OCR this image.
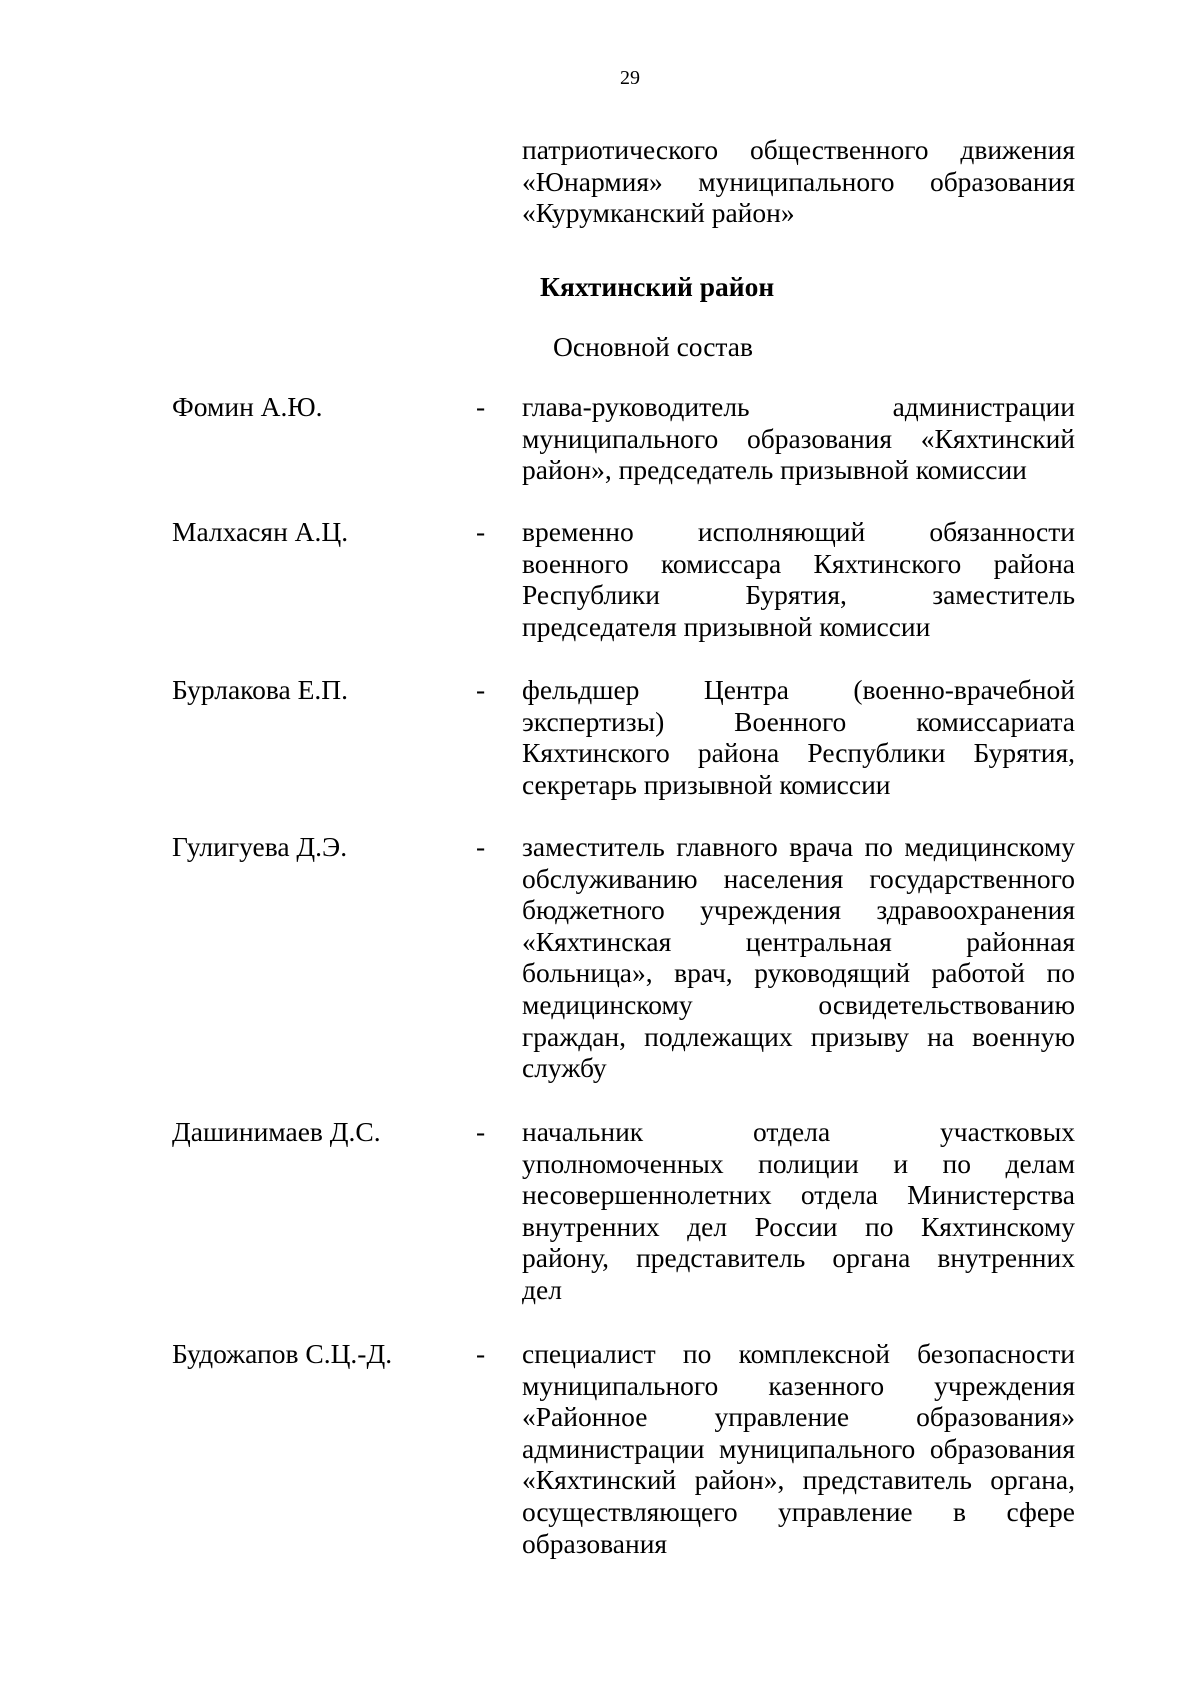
29
патриотического общественного движения
«Юнармия» муниципального образования
«Курумканский район»
Кяхтинский район
Основной состав
Фомин А.Ю.	- глава-руководитель администрации
муниципального образования «Кяхтинский
район», председатель призывной комиссии
Малхасян А.Ц.	- временно исполняющий обязанности
военного комиссара Кяхтинского района
Республики Бурятия, заместитель
председателя призывной комиссии
Бурлакова Е.П.	- фельдшер Центра (военно-врачебной
экспертизы) Военного комиссариата
Кяхтинского района Республики Бурятия,
секретарь призывной комиссии
Гулигуева Д.Э.	- заместитель главного врача по медицинскому
обслуживанию населения государственного
бюджетного учреждения здравоохранения
«Кяхтинская центральная районная
больница», врач, руководящий работой по
медицинскому освидетельствованию
граждан, подлежащих призыву на военную
службу
Дашинимаев Д.С.	- начальник отдела участковых
уполномоченных полиции и по делам
несовершеннолетних отдела Министерства
внутренних дел России по Кяхтинскому
району, представитель органа внутренних
дел
Будожапов С.Ц.-Д.	- специалист по комплексной безопасности
муниципального казенного учреждения
«Районное управление образования»
администрации муниципального образования
«Кяхтинский район», представитель органа,
осуществляющего управление в сфере
образования
